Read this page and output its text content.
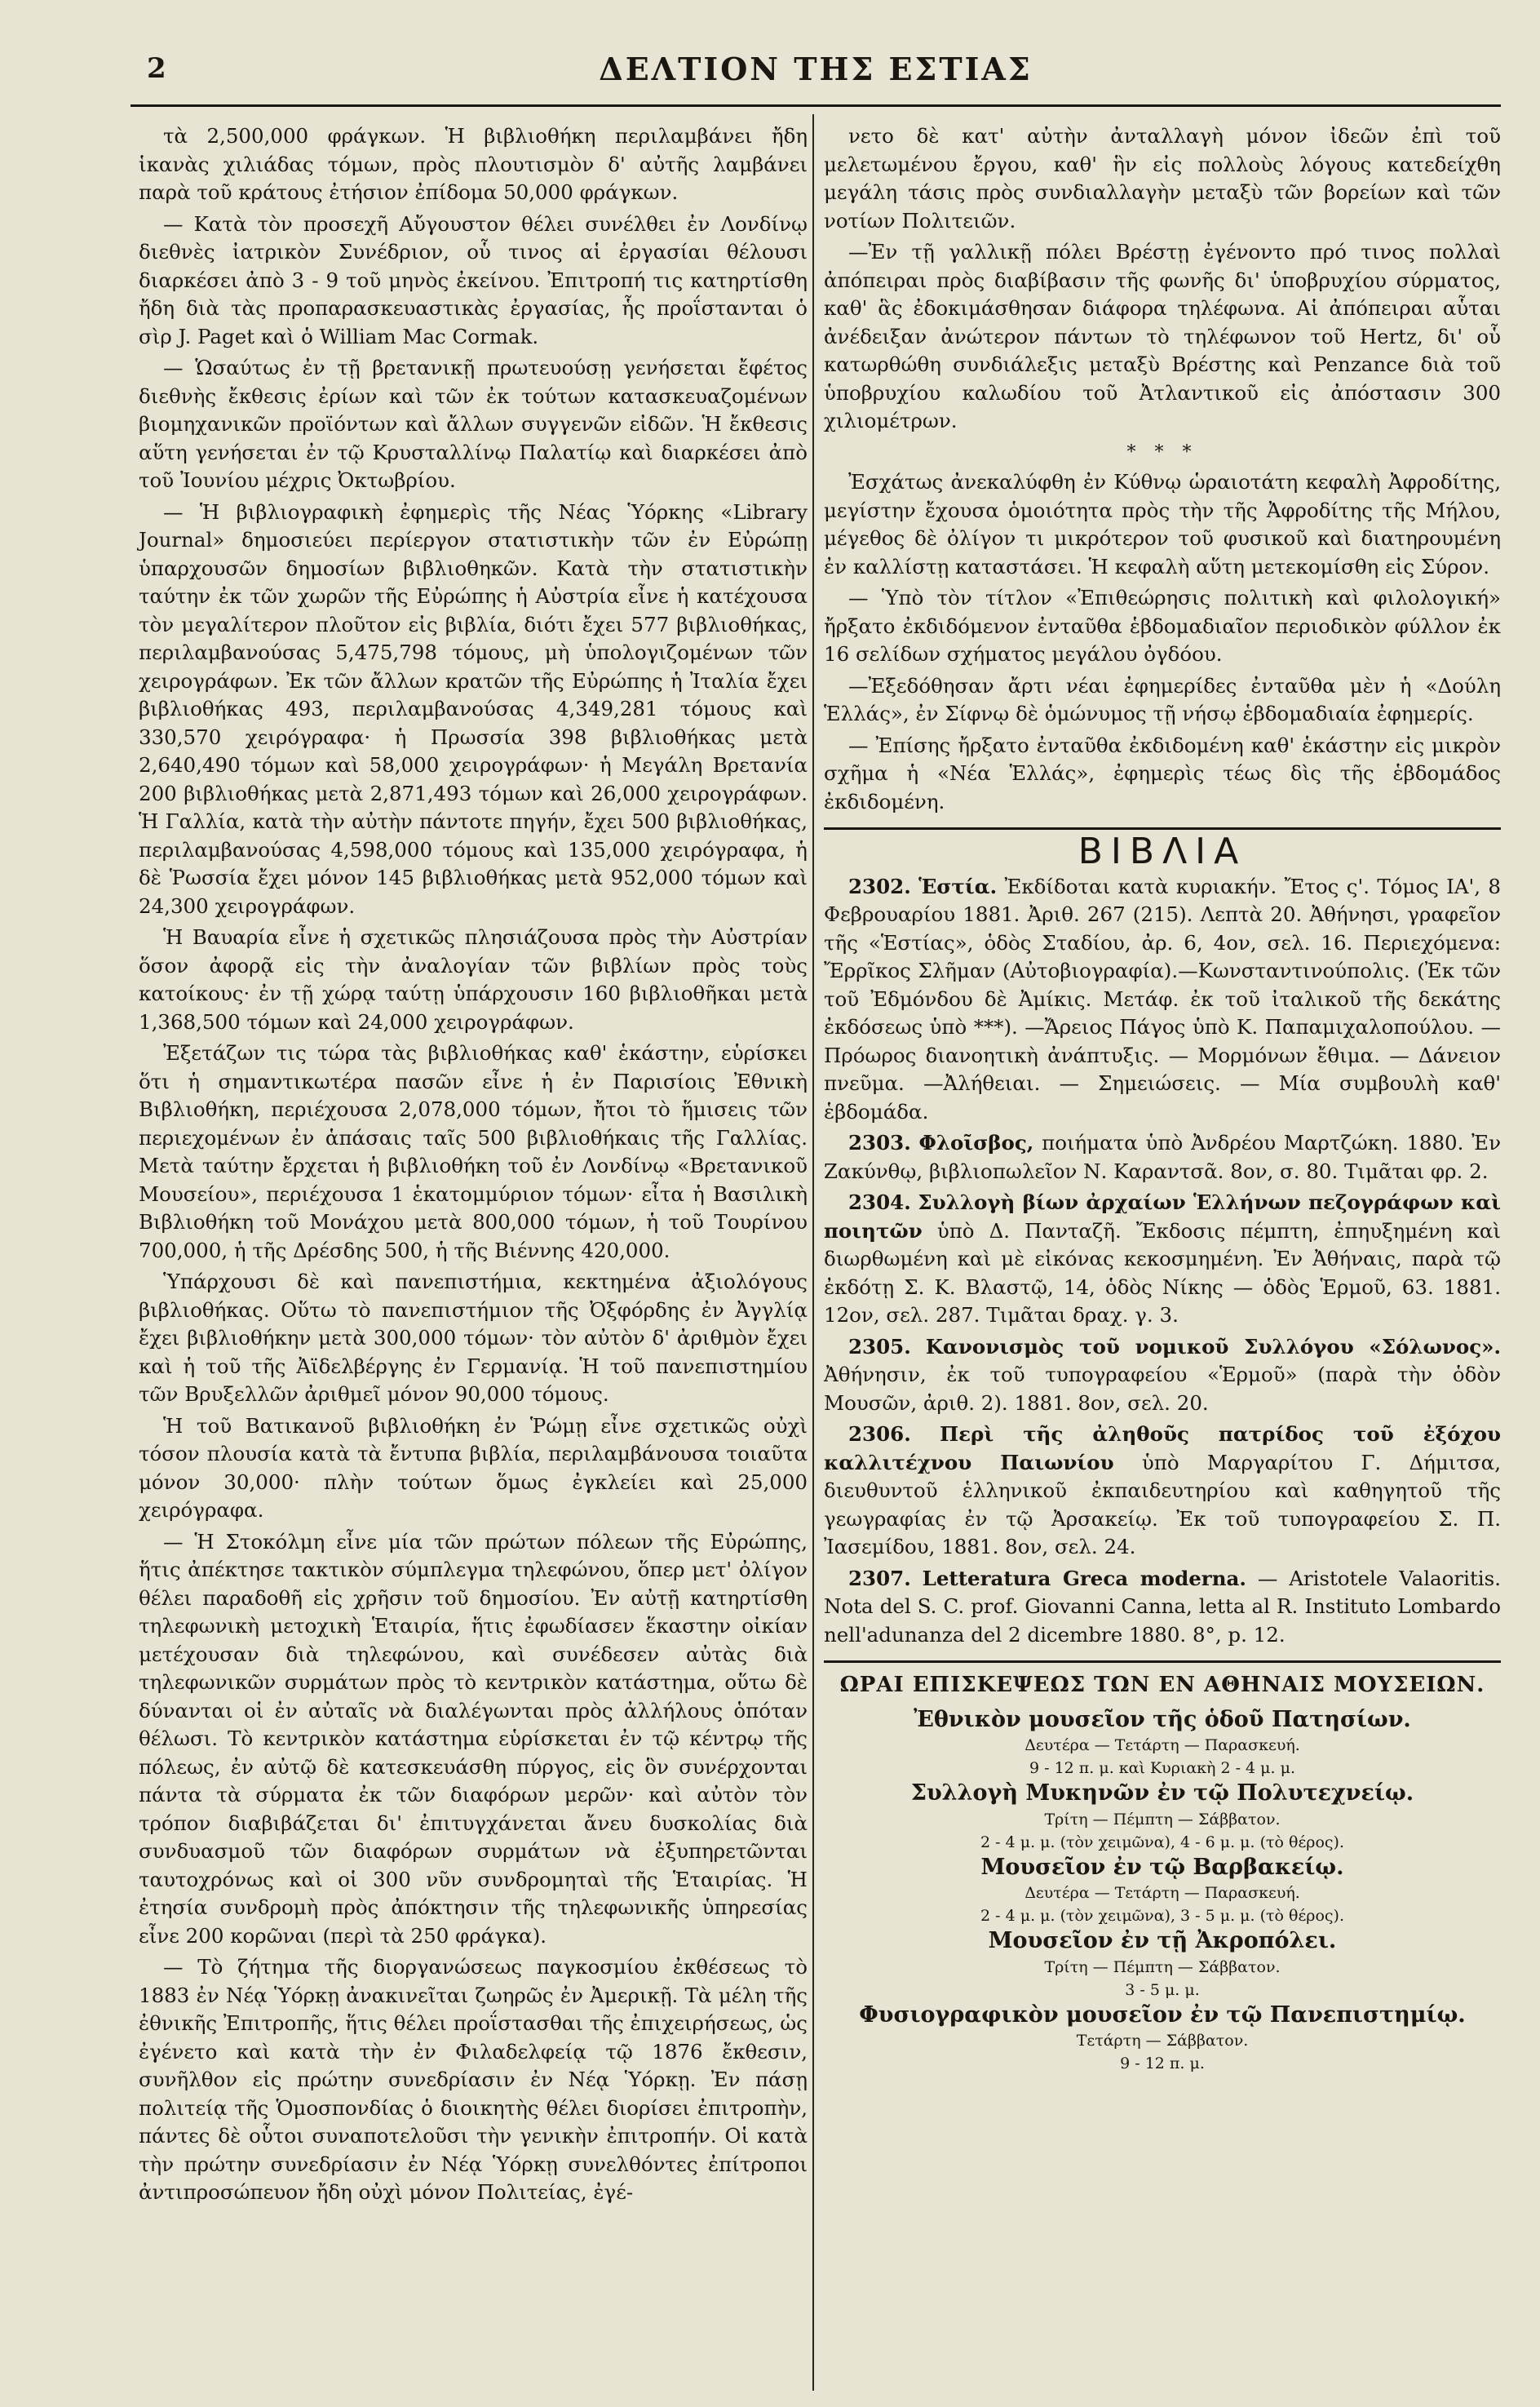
2	ΔΕΛΤΙΟΝ ΤΗΣ ΕΣΤΙΑΣ

τὰ 2,500,000 φράγκων. Ἡ βιβλιοθήκη περιλαμβάνει ἤδη ἱκανὰς χιλιάδας τόμων, πρὸς πλουτισμὸν δ' αὐτῆς λαμβάνει παρὰ τοῦ κράτους ἐτήσιον ἐπίδομα 50,000 φράγκων.

— Κατὰ τὸν προσεχῆ Αὔγουστον θέλει συνέλθει ἐν Λονδίνῳ διεθνὲς ἰατρικὸν Συνέδριον, οὗ τινος αἱ ἐργασίαι θέλουσι διαρκέσει ἀπὸ 3 - 9 τοῦ μηνὸς ἐκείνου. Ἐπιτροπή τις κατηρτίσθη ἤδη διὰ τὰς προπαρασκευαστικὰς ἐργασίας, ἧς προΐστανται ὁ σὶρ J. Paget καὶ ὁ William Mac Cormak.

— Ὡσαύτως ἐν τῇ βρετανικῇ πρωτευούσῃ γενήσεται ἔφέτος διεθνὴς ἔκθεσις ἐρίων καὶ τῶν ἐκ τούτων κατασκευαζομένων βιομηχανικῶν προϊόντων καὶ ἄλλων συγγενῶν εἰδῶν. Ἡ ἔκθεσις αὕτη γενήσεται ἐν τῷ Κρυσταλλίνῳ Παλατίῳ καὶ διαρκέσει ἀπὸ τοῦ Ἰουνίου μέχρις Ὀκτωβρίου.

— Ἡ βιβλιογραφικὴ ἐφημερὶς τῆς Νέας Ὑόρκης «Library Journal» δημοσιεύει περίεργον στατιστικὴν τῶν ἐν Εὐρώπῃ ὑπαρχουσῶν δημοσίων βιβλιοθηκῶν. Κατὰ τὴν στατιστικὴν ταύτην ἐκ τῶν χωρῶν τῆς Εὐρώπης ἡ Αὐστρία εἶνε ἡ κατέχουσα τὸν μεγαλίτερον πλοῦτον εἰς βιβλία, διότι ἔχει 577 βιβλιοθήκας, περιλαμβανούσας 5,475,798 τόμους, μὴ ὑπολογιζομένων τῶν χειρογράφων. Ἐκ τῶν ἄλλων κρατῶν τῆς Εὐρώπης ἡ Ἰταλία ἔχει βιβλιοθήκας 493, περιλαμβανούσας 4,349,281 τόμους καὶ 330,570 χειρόγραφα· ἡ Πρωσσία 398 βιβλιοθήκας μετὰ 2,640,490 τόμων καὶ 58,000 χειρογράφων· ἡ Μεγάλη Βρετανία 200 βιβλιοθήκας μετὰ 2,871,493 τόμων καὶ 26,000 χειρογράφων. Ἡ Γαλλία, κατὰ τὴν αὐτὴν πάντοτε πηγήν, ἔχει 500 βιβλιοθήκας, περιλαμβανούσας 4,598,000 τόμους καὶ 135,000 χειρόγραφα, ἡ δὲ Ῥωσσία ἔχει μόνον 145 βιβλιοθήκας μετὰ 952,000 τόμων καὶ 24,300 χειρογράφων.

Ἡ Βαυαρία εἶνε ἡ σχετικῶς πλησιάζουσα πρὸς τὴν Αὐστρίαν ὅσον ἀφορᾷ εἰς τὴν ἀναλογίαν τῶν βιβλίων πρὸς τοὺς κατοίκους· ἐν τῇ χώρᾳ ταύτῃ ὑπάρχουσιν 160 βιβλιοθῆκαι μετὰ 1,368,500 τόμων καὶ 24,000 χειρογράφων.

Ἐξετάζων τις τώρα τὰς βιβλιοθήκας καθ' ἑκάστην, εὑρίσκει ὅτι ἡ σημαντικωτέρα πασῶν εἶνε ἡ ἐν Παρισίοις Ἐθνικὴ Βιβλιοθήκη, περιέχουσα 2,078,000 τόμων, ἤτοι τὸ ἥμισεις τῶν περιεχομένων ἐν ἁπάσαις ταῖς 500 βιβλιοθήκαις τῆς Γαλλίας. Μετὰ ταύτην ἔρχεται ἡ βιβλιοθήκη τοῦ ἐν Λονδίνῳ «Βρετανικοῦ Μουσείου», περιέχουσα 1 ἑκατομμύριον τόμων· εἶτα ἡ Βασιλικὴ Βιβλιοθήκη τοῦ Μονάχου μετὰ 800,000 τόμων, ἡ τοῦ Τουρίνου 700,000, ἡ τῆς Δρέσδης 500, ἡ τῆς Βιέννης 420,000.

Ὑπάρχουσι δὲ καὶ πανεπιστήμια, κεκτημένα ἀξιολόγους βιβλιοθήκας. Οὕτω τὸ πανεπιστήμιον τῆς Ὀξφόρδης ἐν Ἀγγλίᾳ ἔχει βιβλιοθήκην μετὰ 300,000 τόμων· τὸν αὐτὸν δ' ἀριθμὸν ἔχει καὶ ἡ τοῦ τῆς Ἀϊδελβέργης ἐν Γερμανίᾳ. Ἡ τοῦ πανεπιστημίου τῶν Βρυξελλῶν ἀριθμεῖ μόνον 90,000 τόμους.

Ἡ τοῦ Βατικανοῦ βιβλιοθήκη ἐν Ῥώμῃ εἶνε σχετικῶς οὐχὶ τόσον πλουσία κατὰ τὰ ἔντυπα βιβλία, περιλαμβάνουσα τοιαῦτα μόνον 30,000· πλὴν τούτων ὅμως ἐγκλείει καὶ 25,000 χειρόγραφα.

— Ἡ Στοκόλμη εἶνε μία τῶν πρώτων πόλεων τῆς Εὐρώπης, ἥτις ἀπέκτησε τακτικὸν σύμπλεγμα τηλεφώνου, ὅπερ μετ' ὀλίγον θέλει παραδοθῆ εἰς χρῆσιν τοῦ δημοσίου. Ἐν αὐτῇ κατηρτίσθη τηλεφωνικὴ μετοχικὴ Ἑταιρία, ἥτις ἐφωδίασεν ἕκαστην οἰκίαν μετέχουσαν διὰ τηλεφώνου, καὶ συνέδεσεν αὐτὰς διὰ τηλεφωνικῶν συρμάτων πρὸς τὸ κεντρικὸν κατάστημα, οὕτω δὲ δύνανται οἱ ἐν αὐταῖς νὰ διαλέγωνται πρὸς ἀλλήλους ὁπόταν θέλωσι. Τὸ κεντρικὸν κατάστημα εὑρίσκεται ἐν τῷ κέντρῳ τῆς πόλεως, ἐν αὐτῷ δὲ κατεσκευάσθη πύργος, εἰς ὃν συνέρχονται πάντα τὰ σύρματα ἐκ τῶν διαφόρων μερῶν· καὶ αὐτὸν τὸν τρόπον διαβιβάζεται δι' ἐπιτυγχάνεται ἄνευ δυσκολίας διὰ συνδυασμοῦ τῶν διαφόρων συρμάτων νὰ ἐξυπηρετῶνται ταυτοχρόνως καὶ οἱ 300 νῦν συνδρομηταὶ τῆς Ἑταιρίας. Ἡ ἐτησία συνδρομὴ πρὸς ἀπόκτησιν τῆς τηλεφωνικῆς ὑπηρεσίας εἶνε 200 κορῶναι (περὶ τὰ 250 φράγκα).

— Τὸ ζήτημα τῆς διοργανώσεως παγκοσμίου ἐκθέσεως τὸ 1883 ἐν Νέᾳ Ὑόρκῃ ἀνακινεῖται ζωηρῶς ἐν Ἀμερικῇ. Τὰ μέλη τῆς ἐθνικῆς Ἐπιτροπῆς, ἥτις θέλει προΐστασθαι τῆς ἐπιχειρήσεως, ὡς ἐγένετο καὶ κατὰ τὴν ἐν Φιλαδελφείᾳ τῷ 1876 ἔκθεσιν, συνῆλθον εἰς πρώτην συνεδρίασιν ἐν Νέᾳ Ὑόρκῃ. Ἐν πάσῃ πολιτείᾳ τῆς Ὁμοσπονδίας ὁ διοικητὴς θέλει διορίσει ἐπιτροπὴν, πάντες δὲ οὗτοι συναποτελοῦσι τὴν γενικὴν ἐπιτροπήν. Οἱ κατὰ τὴν πρώτην συνεδρίασιν ἐν Νέᾳ Ὑόρκῃ συνελθόντες ἐπίτροποι ἀντιπροσώπευον ἤδη οὐχὶ μόνον Πολιτείας, ἐγέ-

νετο δὲ κατ' αὐτὴν ἀνταλλαγὴ μόνον ἰδεῶν ἐπὶ τοῦ μελετωμένου ἔργου, καθ' ἣν εἰς πολλοὺς λόγους κατεδείχθη μεγάλη τάσις πρὸς συνδιαλλαγὴν μεταξὺ τῶν βορείων καὶ τῶν νοτίων Πολιτειῶν.

—Ἐν τῇ γαλλικῇ πόλει Βρέστῃ ἐγένοντο πρό τινος πολλαὶ ἀπόπειραι πρὸς διαβίβασιν τῆς φωνῆς δι' ὑποβρυχίου σύρματος, καθ' ἃς ἐδοκιμάσθησαν διάφορα τηλέφωνα. Αἱ ἀπόπειραι αὗται ἀνέδειξαν ἀνώτερον πάντων τὸ τηλέφωνον τοῦ Hertz, δι' οὗ κατωρθώθη συνδιάλεξις μεταξὺ Βρέστης καὶ Penzance διὰ τοῦ ὑποβρυχίου καλωδίου τοῦ Ἀτλαντικοῦ εἰς ἀπόστασιν 300 χιλιομέτρων.

* * *

Ἐσχάτως ἀνεκαλύφθη ἐν Κύθνῳ ὡραιοτάτη κεφαλὴ Ἀφροδίτης, μεγίστην ἔχουσα ὁμοιότητα πρὸς τὴν τῆς Ἀφροδίτης τῆς Μήλου, μέγεθος δὲ ὀλίγον τι μικρότερον τοῦ φυσικοῦ καὶ διατηρουμένη ἐν καλλίστῃ καταστάσει. Ἡ κεφαλὴ αὕτη μετεκομίσθη εἰς Σύρον.

— Ὑπὸ τὸν τίτλον «Ἐπιθεώρησις πολιτικὴ καὶ φιλολογική» ἤρξατο ἐκδιδόμενον ἐνταῦθα ἑβδομαδιαῖον περιοδικὸν φύλλον ἐκ 16 σελίδων σχήματος μεγάλου ὀγδόου.

—Ἐξεδόθησαν ἄρτι νέαι ἐφημερίδες ἐνταῦθα μὲν ἡ «Δούλη Ἑλλάς», ἐν Σίφνῳ δὲ ὁμώνυμος τῇ νήσῳ ἑβδομαδιαία ἐφημερίς.

— Ἐπίσης ἤρξατο ἐνταῦθα ἐκδιδομένη καθ' ἑκάστην εἰς μικρὸν σχῆμα ἡ «Νέα Ἑλλάς», ἐφημερὶς τέως δὶς τῆς ἑβδομάδος ἐκδιδομένη.

ΒΙΒΛΙΑ

2302. Ἑστία. Ἐκδίδοται κατὰ κυριακήν. Ἔτος ς'. Τόμος ΙΑ', 8 Φεβρουαρίου 1881. Ἀριθ. 267 (215). Λεπτὰ 20. Ἀθήνησι, γραφεῖον τῆς «Ἑστίας», ὁδὸς Σταδίου, ἀρ. 6, 4ον, σελ. 16. Περιεχόμενα: Ἔρρῖκος Σλῆμαν (Αὐτοβιογραφία).—Κωνσταντινούπολις. (Ἐκ τῶν τοῦ Ἐδμόνδου δὲ Ἀμίκις. Μετάφ. ἐκ τοῦ ἰταλικοῦ τῆς δεκάτης ἐκδόσεως ὑπὸ ***). —Ἄρειος Πάγος ὑπὸ Κ. Παπαμιχαλοπούλου. — Πρόωρος διανοητικὴ ἀνάπτυξις. — Μορμόνων ἔθιμα. — Δάνειον πνεῦμα. —Ἀλήθειαι. — Σημειώσεις. — Μία συμβουλὴ καθ' ἑβδομάδα.

2303. Φλοῖσβος, ποιήματα ὑπὸ Ἀνδρέου Μαρτζώκη. 1880. Ἐν Ζακύνθῳ, βιβλιοπωλεῖον Ν. Καραντσᾶ. 8ον, σ. 80. Τιμᾶται φρ. 2.

2304. Συλλογὴ βίων ἀρχαίων Ἑλλήνων πεζογράφων καὶ ποιητῶν ὑπὸ Δ. Πανταζῆ. Ἔκδοσις πέμπτη, ἐπηυξημένη καὶ διωρθωμένη καὶ μὲ εἰκόνας κεκοσμημένη. Ἐν Ἀθήναις, παρὰ τῷ ἐκδότῃ Σ. Κ. Βλαστῷ, 14, ὁδὸς Νίκης — ὁδὸς Ἑρμοῦ, 63. 1881. 12ον, σελ. 287. Τιμᾶται δραχ. γ. 3.

2305. Κανονισμὸς τοῦ νομικοῦ Συλλόγου «Σόλωνος». Ἀθήνησιν, ἐκ τοῦ τυπογραφείου «Ἑρμοῦ» (παρὰ τὴν ὁδὸν Μουσῶν, ἀριθ. 2). 1881. 8ον, σελ. 20.

2306. Περὶ τῆς ἀληθοῦς πατρίδος τοῦ ἐξόχου καλλιτέχνου Παιωνίου ὑπὸ Μαργαρίτου Γ. Δήμιτσα, διευθυντοῦ ἑλληνικοῦ ἐκπαιδευτηρίου καὶ καθηγητοῦ τῆς γεωγραφίας ἐν τῷ Ἀρσακείῳ. Ἐκ τοῦ τυπογραφείου Σ. Π. Ἰασεμίδου, 1881. 8ον, σελ. 24.

2307. Letteratura Greca moderna. — Aristotele Valaoritis. Nota del S. C. prof. Giovanni Canna, letta al R. Instituto Lombardo nell'adunanza del 2 dicembre 1880. 8°, p. 12.

ΩΡΑΙ ΕΠΙΣΚΕΨΕΩΣ ΤΩΝ ΕΝ ΑΘΗΝΑΙΣ ΜΟΥΣΕΙΩΝ.
Ἐθνικὸν μουσεῖον τῆς ὁδοῦ Πατησίων.
Δευτέρα — Τετάρτη — Παρασκευή.
9 - 12 π. μ. καὶ Κυριακὴ 2 - 4 μ. μ.
Συλλογὴ Μυκηνῶν ἐν τῷ Πολυτεχνείῳ.
Τρίτη — Πέμπτη — Σάββατον.
2 - 4 μ. μ. (τὸν χειμῶνα), 4 - 6 μ. μ. (τὸ θέρος).
Μουσεῖον ἐν τῷ Βαρβακείῳ.
Δευτέρα — Τετάρτη — Παρασκευή.
2 - 4 μ. μ. (τὸν χειμῶνα), 3 - 5 μ. μ. (τὸ θέρος).
Μουσεῖον ἐν τῇ Ἀκροπόλει.
Τρίτη — Πέμπτη — Σάββατον.
3 - 5 μ. μ.
Φυσιογραφικὸν μουσεῖον ἐν τῷ Πανεπιστημίῳ.
Τετάρτη — Σάββατον.
9 - 12 π. μ.
